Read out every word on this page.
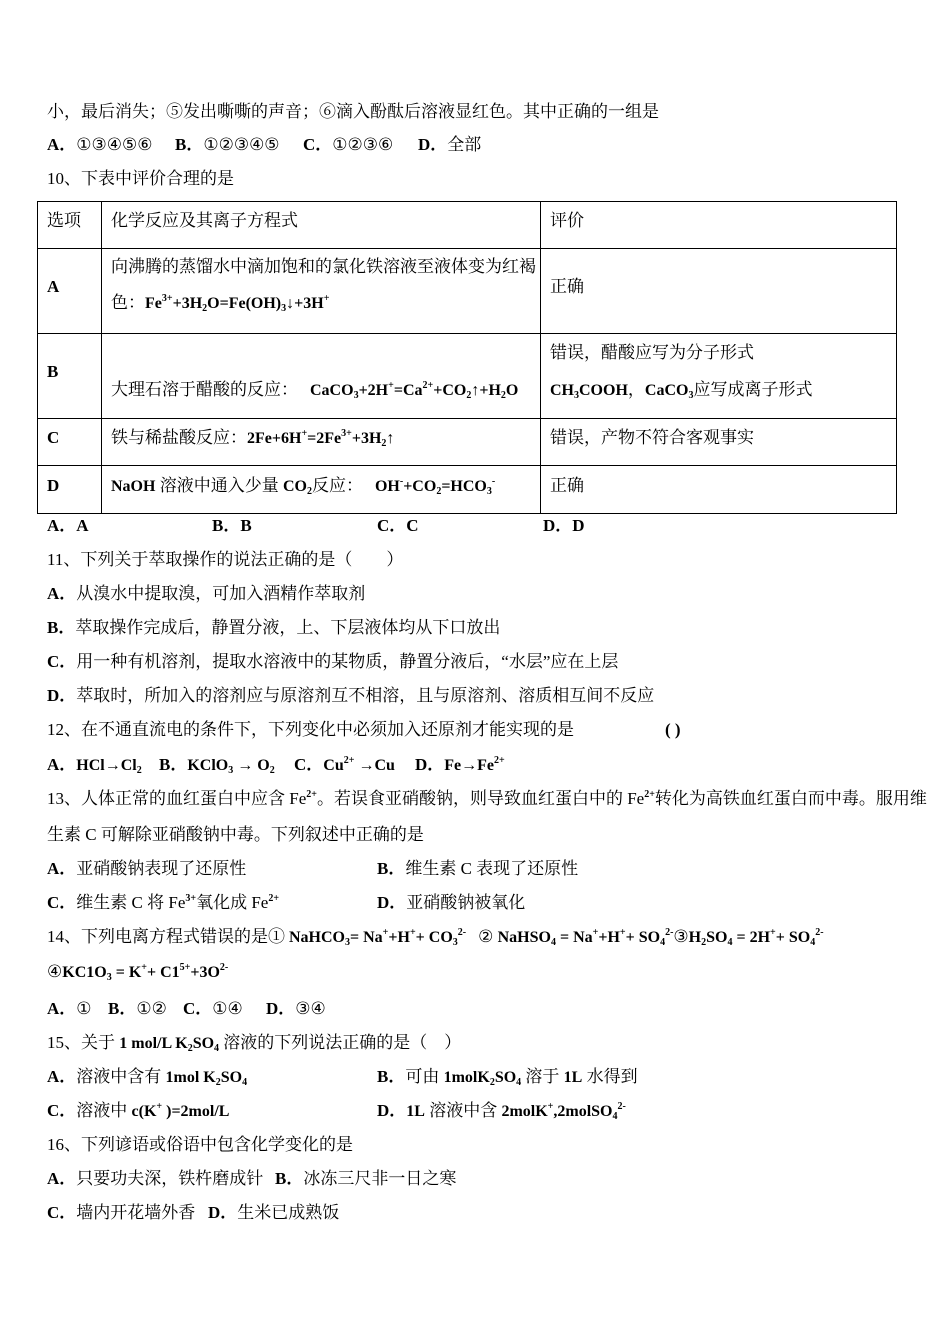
小，最后消失；⑤发出嘶嘶的声音；⑥滴入酚酞后溶液显红色。其中正确的一组是
A．①③④⑤⑥ B．①②③④⑤ C．①②③⑥ D．全部
10、下表中评价合理的是
选项	化学反应及其离子方程式	评价

A	向沸腾的蒸馏水中滴加饱和的氯化铁溶液至液体变为红褐
色：$Fe^{3+}+3H_2O=Fe(OH)_3↓+3H^+$	正确

B	大理石溶于醋酸的反应： $CaCO_3+2H^+=Ca^{2+}+CO_2↑+H_2O$	错误，醋酸应写为分子形式
$CH_3COOH$，CaCO$_3$应写成离子形式

C	铁与稀盐酸反应：$2Fe+6H^+=2Fe^{3+}+3H_2↑$	错误，产物不符合客观事实

D	NaOH 溶液中通入少量 $CO_2$反应： $OH^-+CO_2=HCO_3^-$	正确
A．A	B．B	C．C	D．D
11、下列关于萃取操作的说法正确的是（　　）
A．从溴水中提取溴，可加入酒精作萃取剂
B．萃取操作完成后，静置分液，上、下层液体均从下口放出
C．用一种有机溶剂，提取水溶液中的某物质，静置分液后，“水层”应在上层
D．萃取时，所加入的溶剂应与原溶剂互不相溶，且与原溶剂、溶质相互间不反应
12、在不通直流电的条件下，下列变化中必须加入还原剂才能实现的是	( )
A．$HCl\to Cl_2$ B．KClO$_3$ → $O_2$ C．$Cu^{2+} \to Cu$ D．$Fe\to Fe^{2+}$
13、人体正常的血红蛋白中应含 $Fe^{2+}$。若误食亚硝酸钠，则导致血红蛋白中的 $Fe^{2+}$转化为高铁血红蛋白而中毒。服用维
生素 C 可解除亚硝酸钠中毒。下列叙述中正确的是
A．亚硝酸钠表现了还原性	B．维生素 C 表现了还原性
C．维生素 C 将 $Fe^{3+}$氧化成 $Fe^{2+}$	D．亚硝酸钠被氧化
14、下列电离方程式错误的是① NaHCO$_3$= $Na^++H^++ CO_3^{2-}$ ② NaHSO$_4$ = $Na^++H^++ SO_4^{2-}③H_2SO_4 = 2H^++ SO_4^{2-}$
$④KC1O_3 = K^++ C1^{5+}+3O^{2-}$
A．① B．①② C．①④ D．③④
15、关于 1 mol/L $K_2SO_4$ 溶液的下列说法正确的是（　）
A．溶液中含有 1mol $K_2SO_4$	B．可由 $1molK_2SO_4$ 溶于 1L 水得到
C．溶液中 c(K+ )=2mol/L	D．1L 溶液中含 2molK+,2molSO$_4^{2-}$
16、下列谚语或俗语中包含化学变化的是
A．只要功夫深，铁杵磨成针 B．冰冻三尺非一日之寒
C．墙内开花墙外香 D．生米已成熟饭
